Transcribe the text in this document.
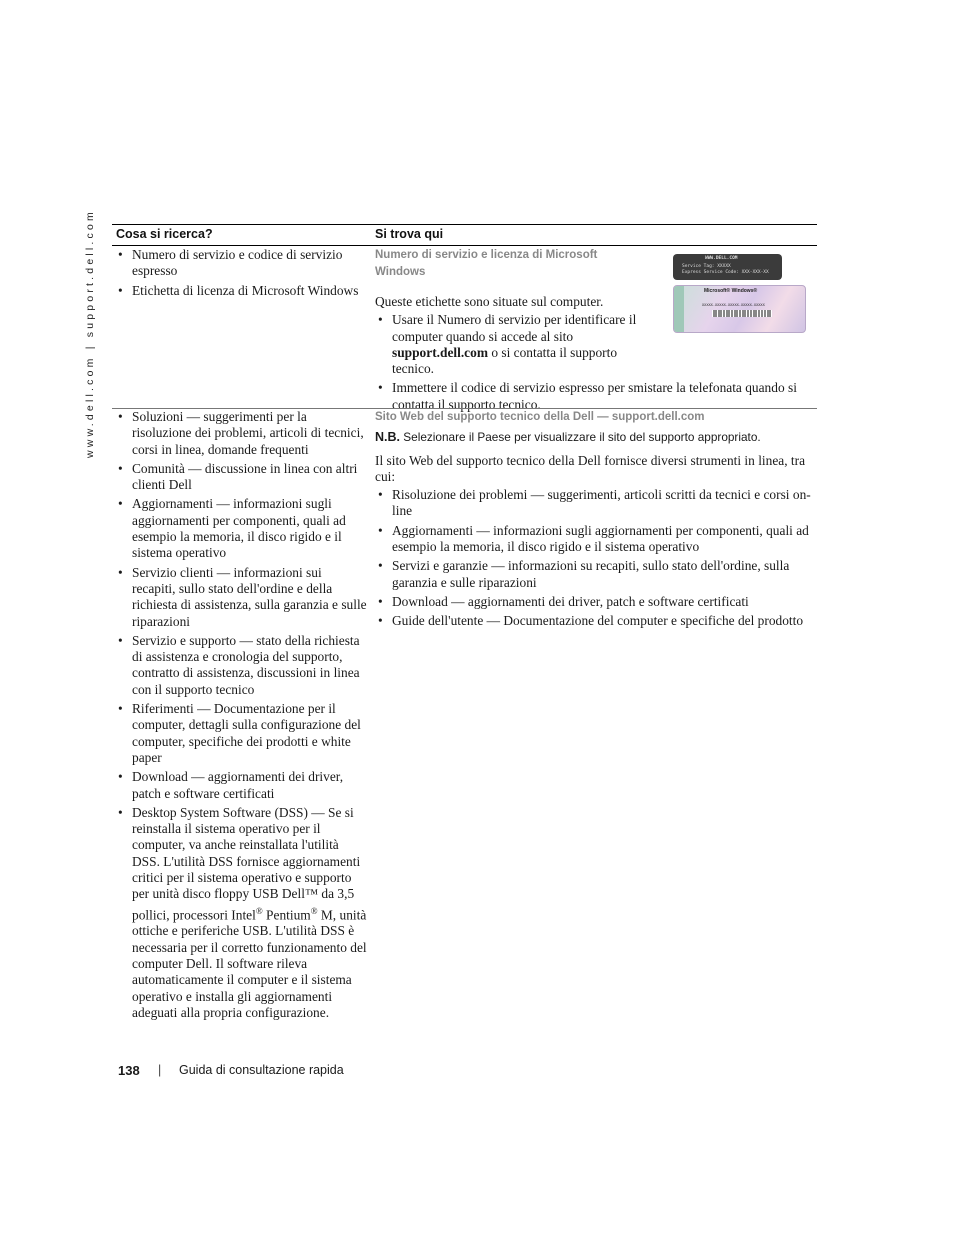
www.dell.com | support.dell.com Cosa si ricerca?	Si trova qui
• Numero di servizio e codice di servizio espresso
• Etichetta di licenza di Microsoft Windows
Numero di servizio e licenza di Microsoft Windows

Queste etichette sono situate sul computer.

• Usare il Numero di servizio per identificare il computer quando si accede al sito support.dell.com o si contatta il supporto tecnico.
• Immettere il codice di servizio espresso per smistare la telefonata quando si contatta il supporto tecnico.
WWW.DELL.COM
Service Tag: XXXXX
Express Service Code: XXX-XXX-XX
Microsoft® Windows®
XXXXX-XXXXX-XXXXX-XXXXX-XXXXX
• Soluzioni — suggerimenti per la risoluzione dei problemi, articoli di tecnici, corsi in linea, domande frequenti
• Comunità — discussione in linea con altri clienti Dell
• Aggiornamenti — informazioni sugli aggiornamenti per componenti, quali ad esempio la memoria, il disco rigido e il sistema operativo
• Servizio clienti — informazioni sui recapiti, sullo stato dell'ordine e della richiesta di assistenza, sulla garanzia e sulle riparazioni
• Servizio e supporto — stato della richiesta di assistenza e cronologia del supporto, contratto di assistenza, discussioni in linea con il supporto tecnico
• Riferimenti — Documentazione per il computer, dettagli sulla configurazione del computer, specifiche dei prodotti e white paper
• Download — aggiornamenti dei driver, patch e software certificati
• Desktop System Software (DSS) — Se si reinstalla il sistema operativo per il computer, va anche reinstallata l'utilità DSS. L'utilità DSS fornisce aggiornamenti critici per il sistema operativo e supporto per unità disco floppy USB Dell™ da 3,5 pollici, processori Intel® Pentium® M, unità ottiche e periferiche USB. L'utilità DSS è necessaria per il corretto funzionamento del computer Dell. Il software rileva automaticamente il computer e il sistema operativo e installa gli aggiornamenti adeguati alla propria configurazione.
Sito Web del supporto tecnico della Dell — support.dell.com
N.B. Selezionare il Paese per visualizzare il sito del supporto appropriato.

Il sito Web del supporto tecnico della Dell fornisce diversi strumenti in linea, tra cui:

• Risoluzione dei problemi — suggerimenti, articoli scritti da tecnici e corsi on-line
• Aggiornamenti — informazioni sugli aggiornamenti per componenti, quali ad esempio la memoria, il disco rigido e il sistema operativo
• Servizi e garanzie — informazioni su recapiti, sullo stato dell'ordine, sulla garanzia e sulle riparazioni
• Download — aggiornamenti dei driver, patch e software certificati
• Guide dell'utente — Documentazione del computer e specifiche del prodotto
138 | Guida di consultazione rapida
